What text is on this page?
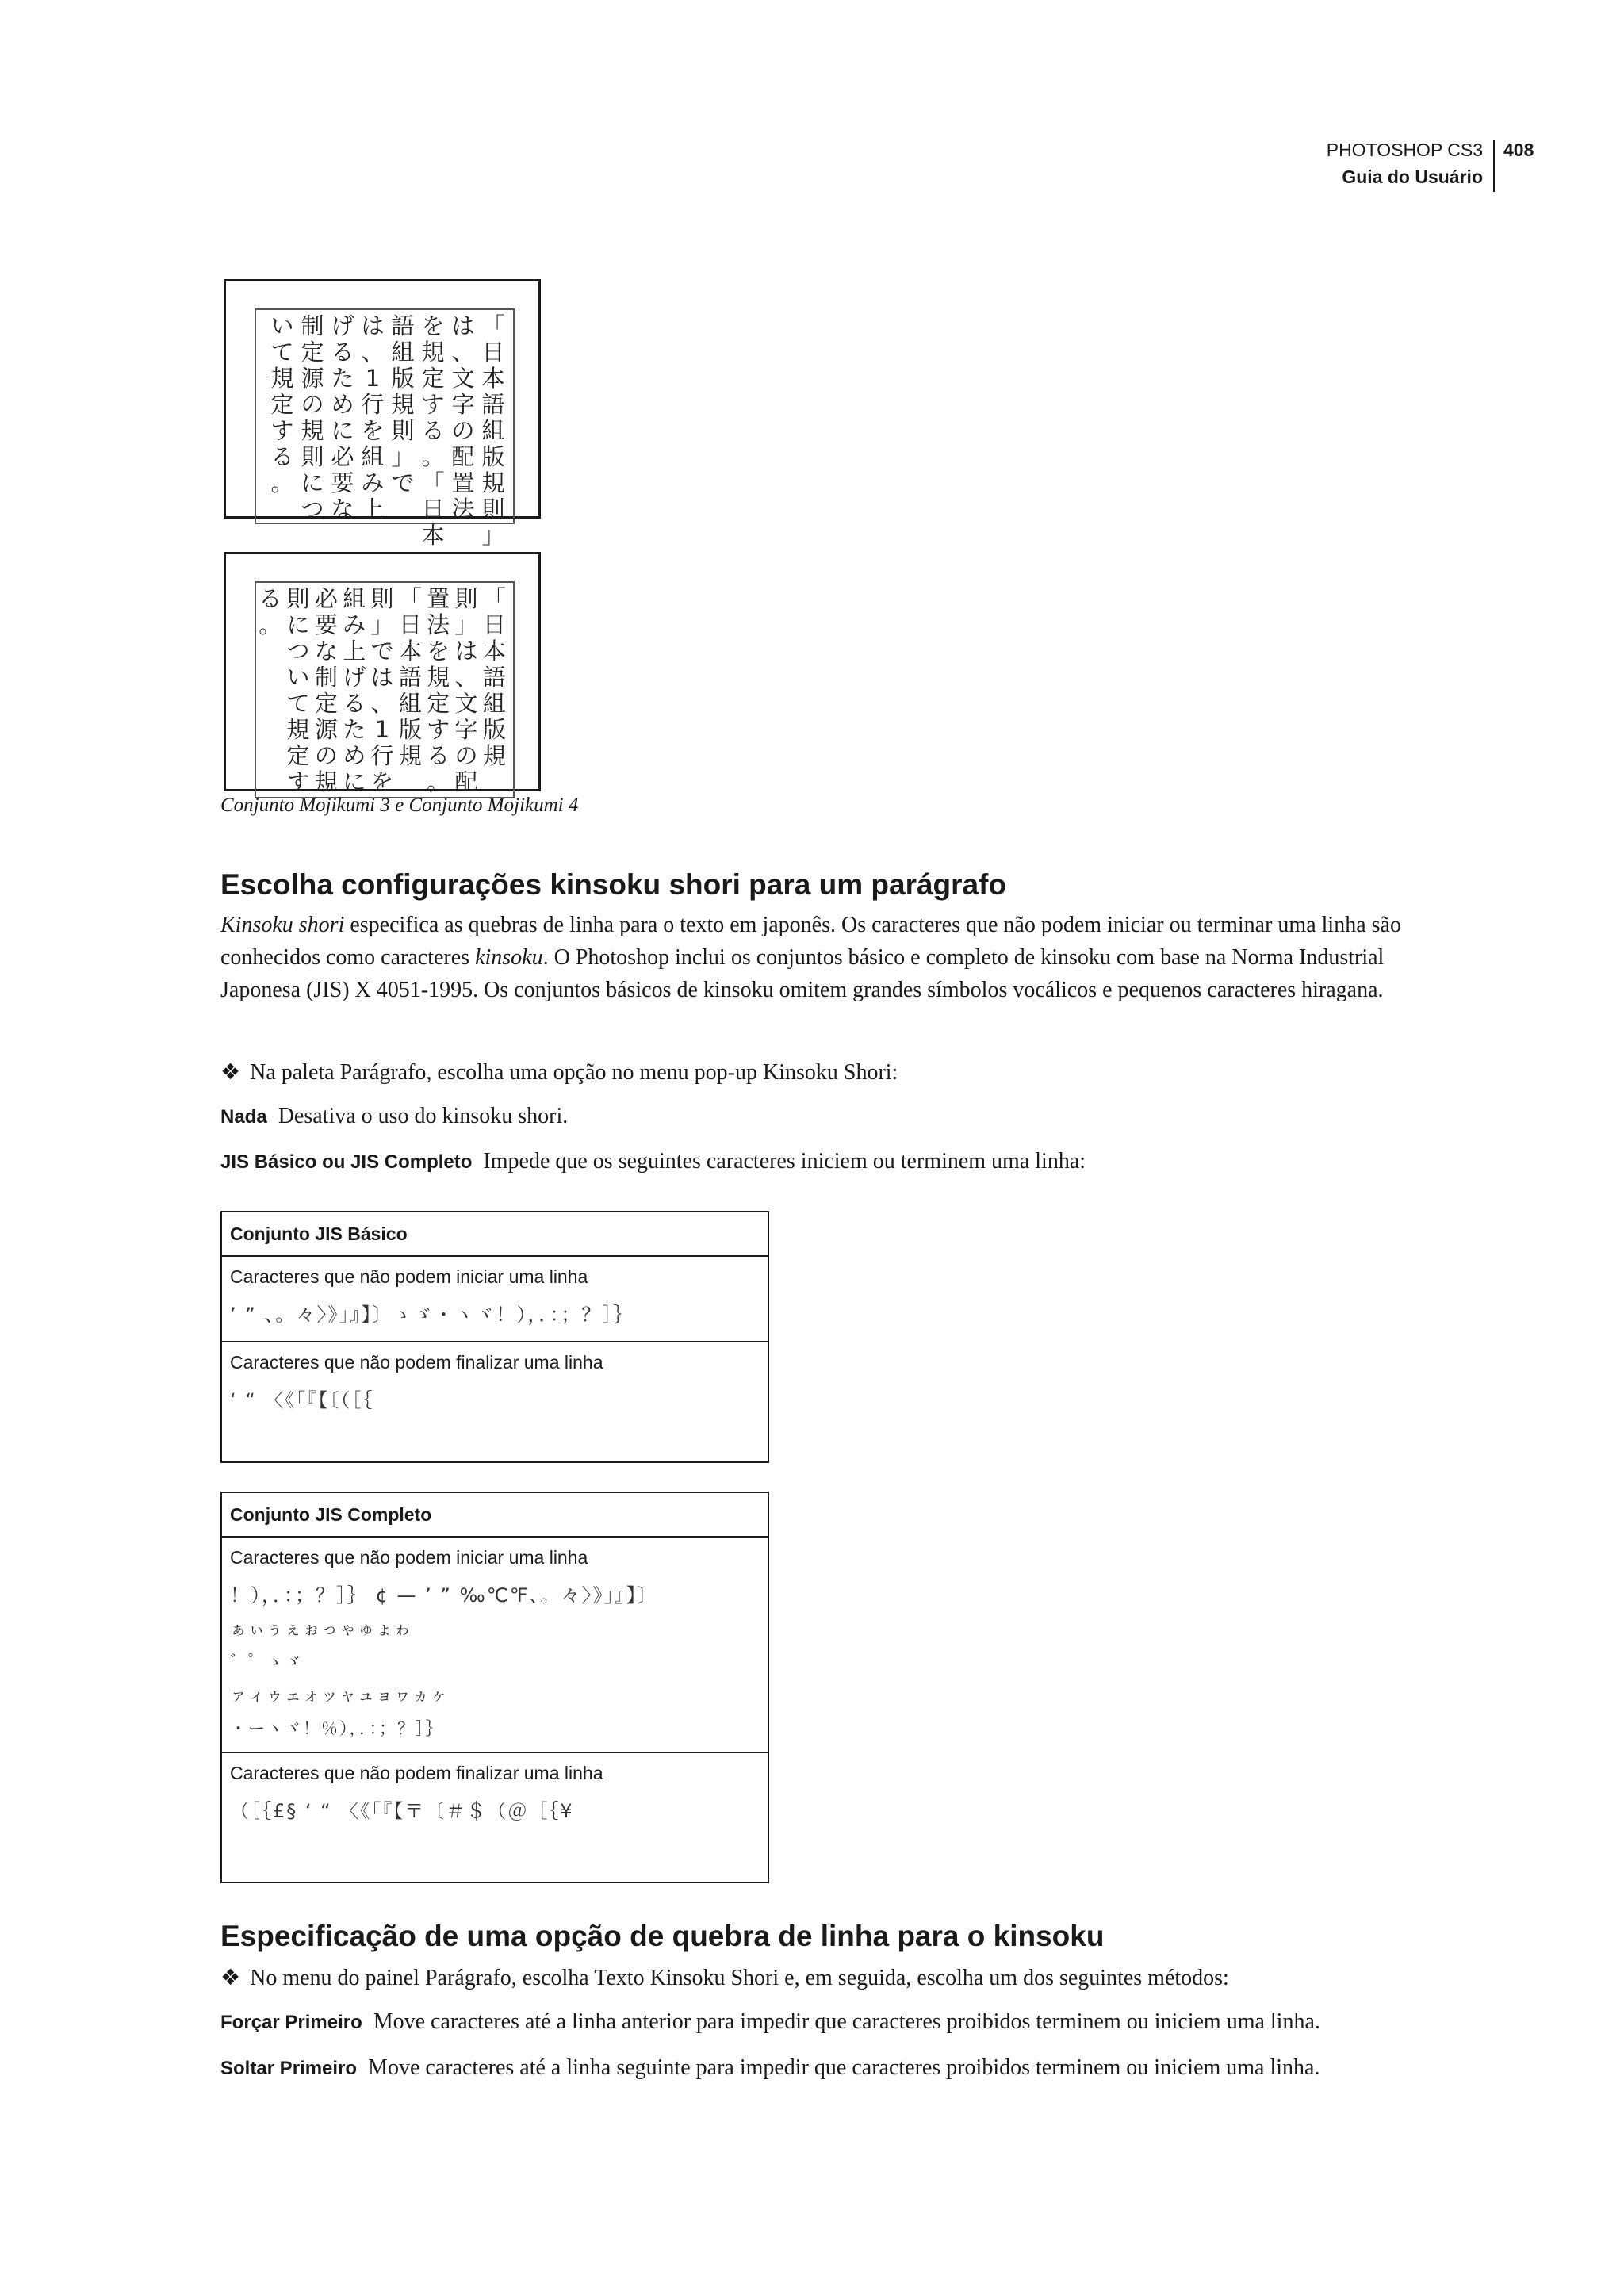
PHOTOSHOP CS3
Guia do Usuário
408
「
日
本
語
組
版
規
則
」
は
、
文
字
の
配
置
法
を
規
定
す
る
。
「
日
本
語
組
版
規
則
」
で
は
、
1
行
を
組
み
上
げ
る
た
め
に
必
要
な
制
定
源
の
規
則
に
つ
い
て
規
定
す
る
。
「
日
本
語
組
版
規
則
」
は
、
文
字
の
配
置
法
を
規
定
す
る
。
「
日
本
語
組
版
規
則
」
で
は
、
1
行
を
組
み
上
げ
る
た
め
に
必
要
な
制
定
源
の
規
則
に
つ
い
て
規
定
す
る
。
Conjunto Mojikumi 3 e Conjunto Mojikumi 4
Escolha configurações kinsoku shori para um parágrafo

Kinsoku shori especifica as quebras de linha para o texto em japonês. Os caracteres que não podem iniciar ou terminar uma linha são conhecidos como caracteres kinsoku. O Photoshop inclui os conjuntos básico e completo de kinsoku com base na Norma Industrial Japonesa (JIS) X 4051-1995. Os conjuntos básicos de kinsoku omitem grandes símbolos vocálicos e pequenos caracteres hiragana.

❖ Na paleta Parágrafo, escolha uma opção no menu pop-up Kinsoku Shori:

Nada Desativa o uso do kinsoku shori.

JIS Básico ou JIS Completo Impede que os seguintes caracteres iniciem ou terminem uma linha:

Conjunto JIS Básico
Caracteres que não podem iniciar uma linha
’ ” 、。々〉》」』】〕ゝゞ・ヽヾ！），．：；？］｝
Caracteres que não podem finalizar uma linha
‘ “ 〈《「『【〔（［｛
Conjunto JIS Completo
Caracteres que não podem iniciar uma linha
！），．：；？］｝ ¢ — ’ ” ‰℃℉、。々〉》」』】〕
ぁぃぅぇぉっゃゅょゎ
゛゜ゝゞ
ァィゥェォッャュョヮヵヶ
・ーヽヾ！％），．：；？］｝
Caracteres que não podem finalizar uma linha
（［｛£§ ‘ “ 〈《「『【〒〔＃＄（＠［｛¥
Especificação de uma opção de quebra de linha para o kinsoku

❖ No menu do painel Parágrafo, escolha Texto Kinsoku Shori e, em seguida, escolha um dos seguintes métodos:

Forçar Primeiro Move caracteres até a linha anterior para impedir que caracteres proibidos terminem ou iniciem uma linha.

Soltar Primeiro Move caracteres até a linha seguinte para impedir que caracteres proibidos terminem ou iniciem uma linha.
